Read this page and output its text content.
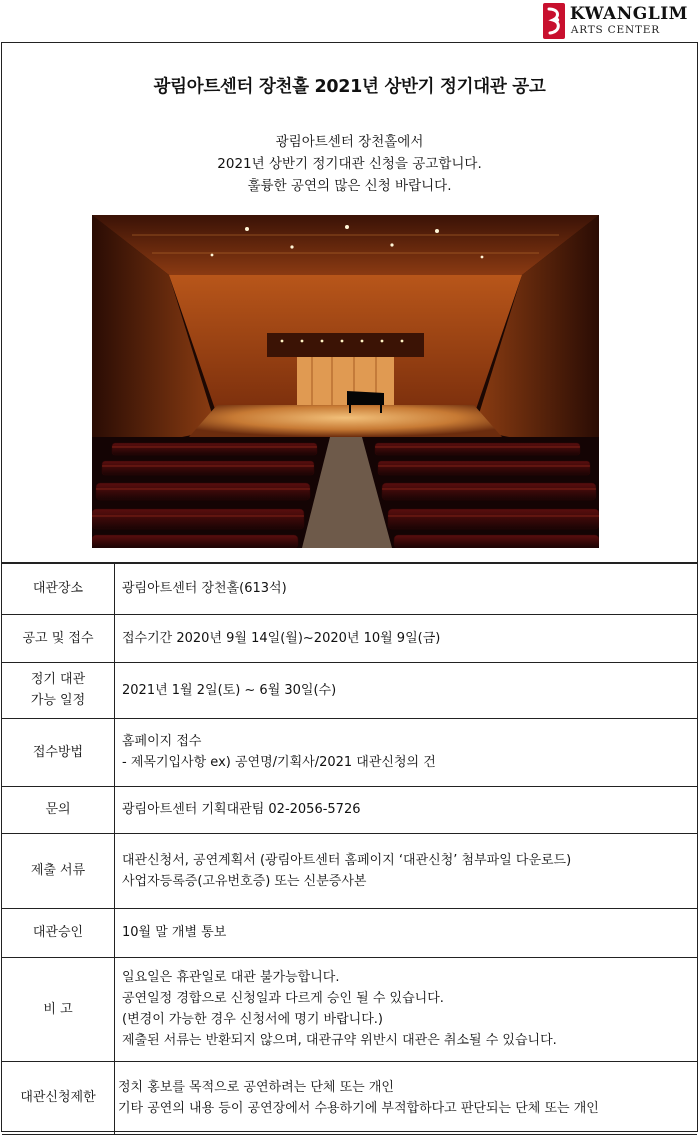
KWANGLIM
ARTS CENTER
광림아트센터 장천홀 2021년 상반기 정기대관 공고
광림아트센터 장천홀에서
2021년 상반기 정기대관 신청을 공고합니다.
훌륭한 공연의 많은 신청 바랍니다.
대관장소	광림아트센터 장천홀(613석)

공고 및 접수	접수기간 2020년 9월 14일(월)~2020년 10월 9일(금)

정기 대관
가능 일정	2021년 1월 2일(토) ~ 6월 30일(수)

접수방법	홈페이지 접수
- 제목기입사항 ex) 공연명/기획사/2021 대관신청의 건

문의	광림아트센터 기획대관팀 02-2056-5726

제출 서류	대관신청서, 공연계획서 (광림아트센터 홈페이지 ‘대관신청’ 첨부파일 다운로드)
사업자등록증(고유번호증) 또는 신분증사본

대관승인	10월 말 개별 통보

비 고	일요일은 휴관일로 대관 불가능합니다.
공연일정 경합으로 신청일과 다르게 승인 될 수 있습니다.
(변경이 가능한 경우 신청서에 명기 바랍니다.)
제출된 서류는 반환되지 않으며, 대관규약 위반시 대관은 취소될 수 있습니다.

대관신청제한	정치 홍보를 목적으로 공연하려는 단체 또는 개인
기타 공연의 내용 등이 공연장에서 수용하기에 부적합하다고 판단되는 단체 또는 개인
